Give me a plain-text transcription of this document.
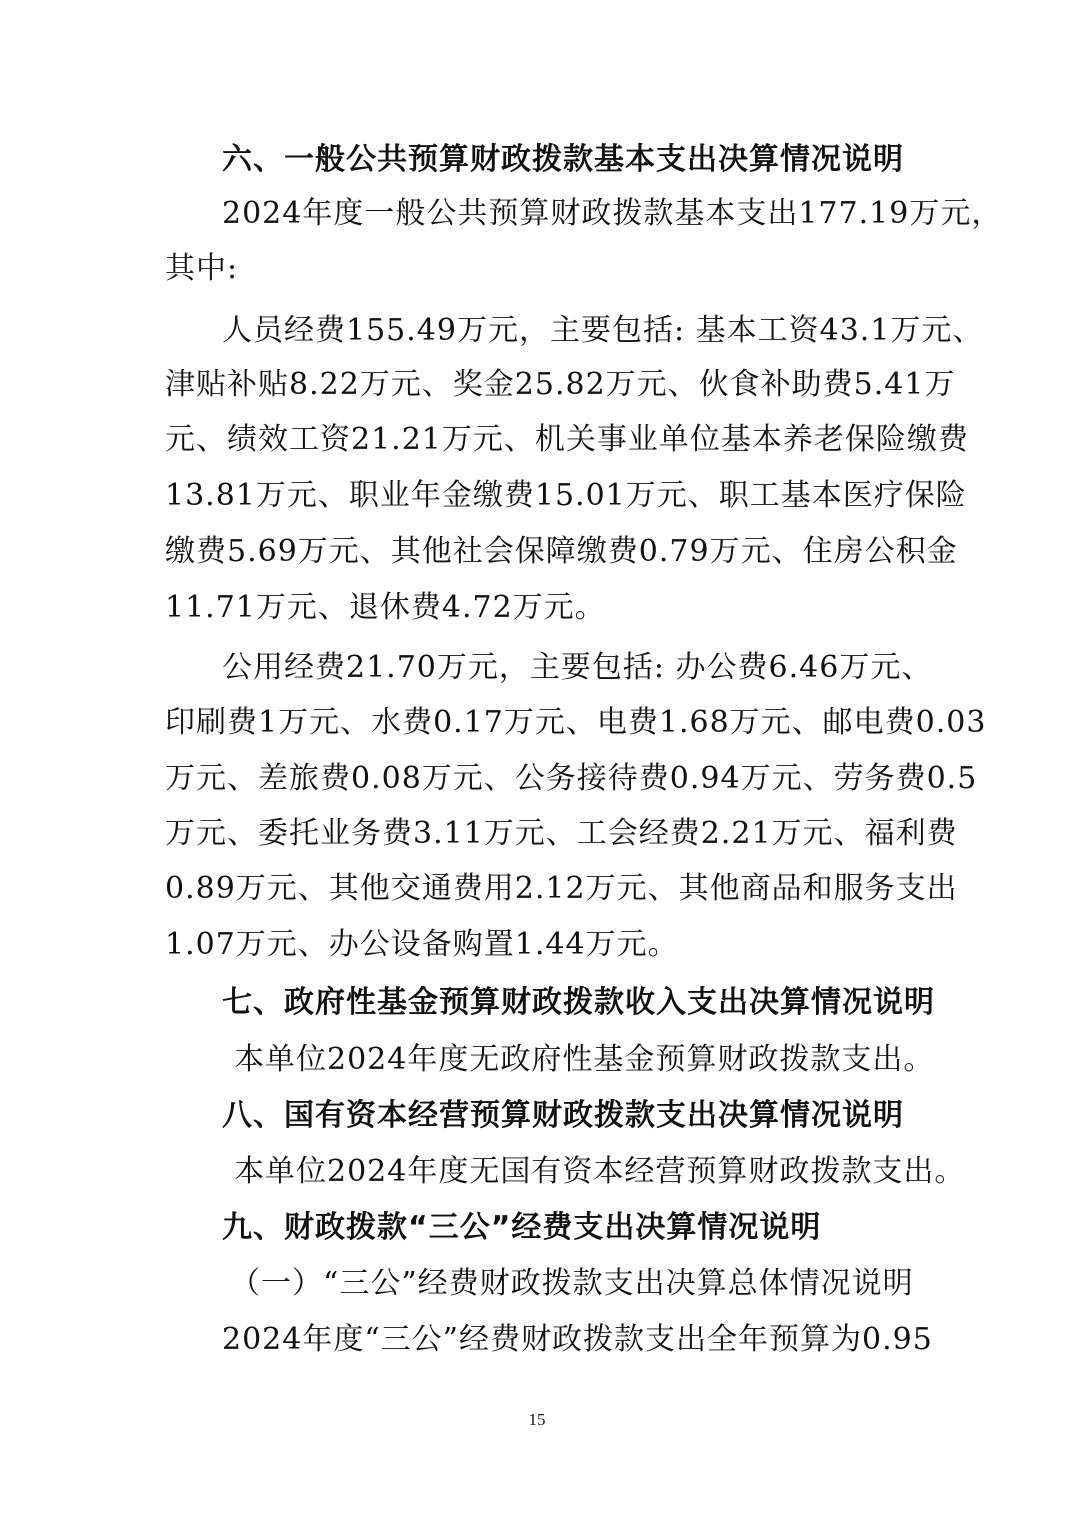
六、一般公共预算财政拨款基本支出决算情况说明
2024年度一般公共预算财政拨款基本支出177.19万元，
其中:
人员经费155.49万元，主要包括: 基本工资43.1万元、
津贴补贴8.22万元、奖金25.82万元、伙食补助费5.41万
元、绩效工资21.21万元、机关事业单位基本养老保险缴费
13.81万元、职业年金缴费15.01万元、职工基本医疗保险
缴费5.69万元、其他社会保障缴费0.79万元、住房公积金
11.71万元、退休费4.72万元。
公用经费21.70万元，主要包括: 办公费6.46万元、
印刷费1万元、水费0.17万元、电费1.68万元、邮电费0.03
万元、差旅费0.08万元、公务接待费0.94万元、劳务费0.5
万元、委托业务费3.11万元、工会经费2.21万元、福利费
0.89万元、其他交通费用2.12万元、其他商品和服务支出
1.07万元、办公设备购置1.44万元。
七、政府性基金预算财政拨款收入支出决算情况说明
本单位2024年度无政府性基金预算财政拨款支出。
八、国有资本经营预算财政拨款支出决算情况说明
本单位2024年度无国有资本经营预算财政拨款支出。
九、财政拨款“三公”经费支出决算情况说明
（一）“三公”经费财政拨款支出决算总体情况说明
2024年度“三公”经费财政拨款支出全年预算为0.95
15
